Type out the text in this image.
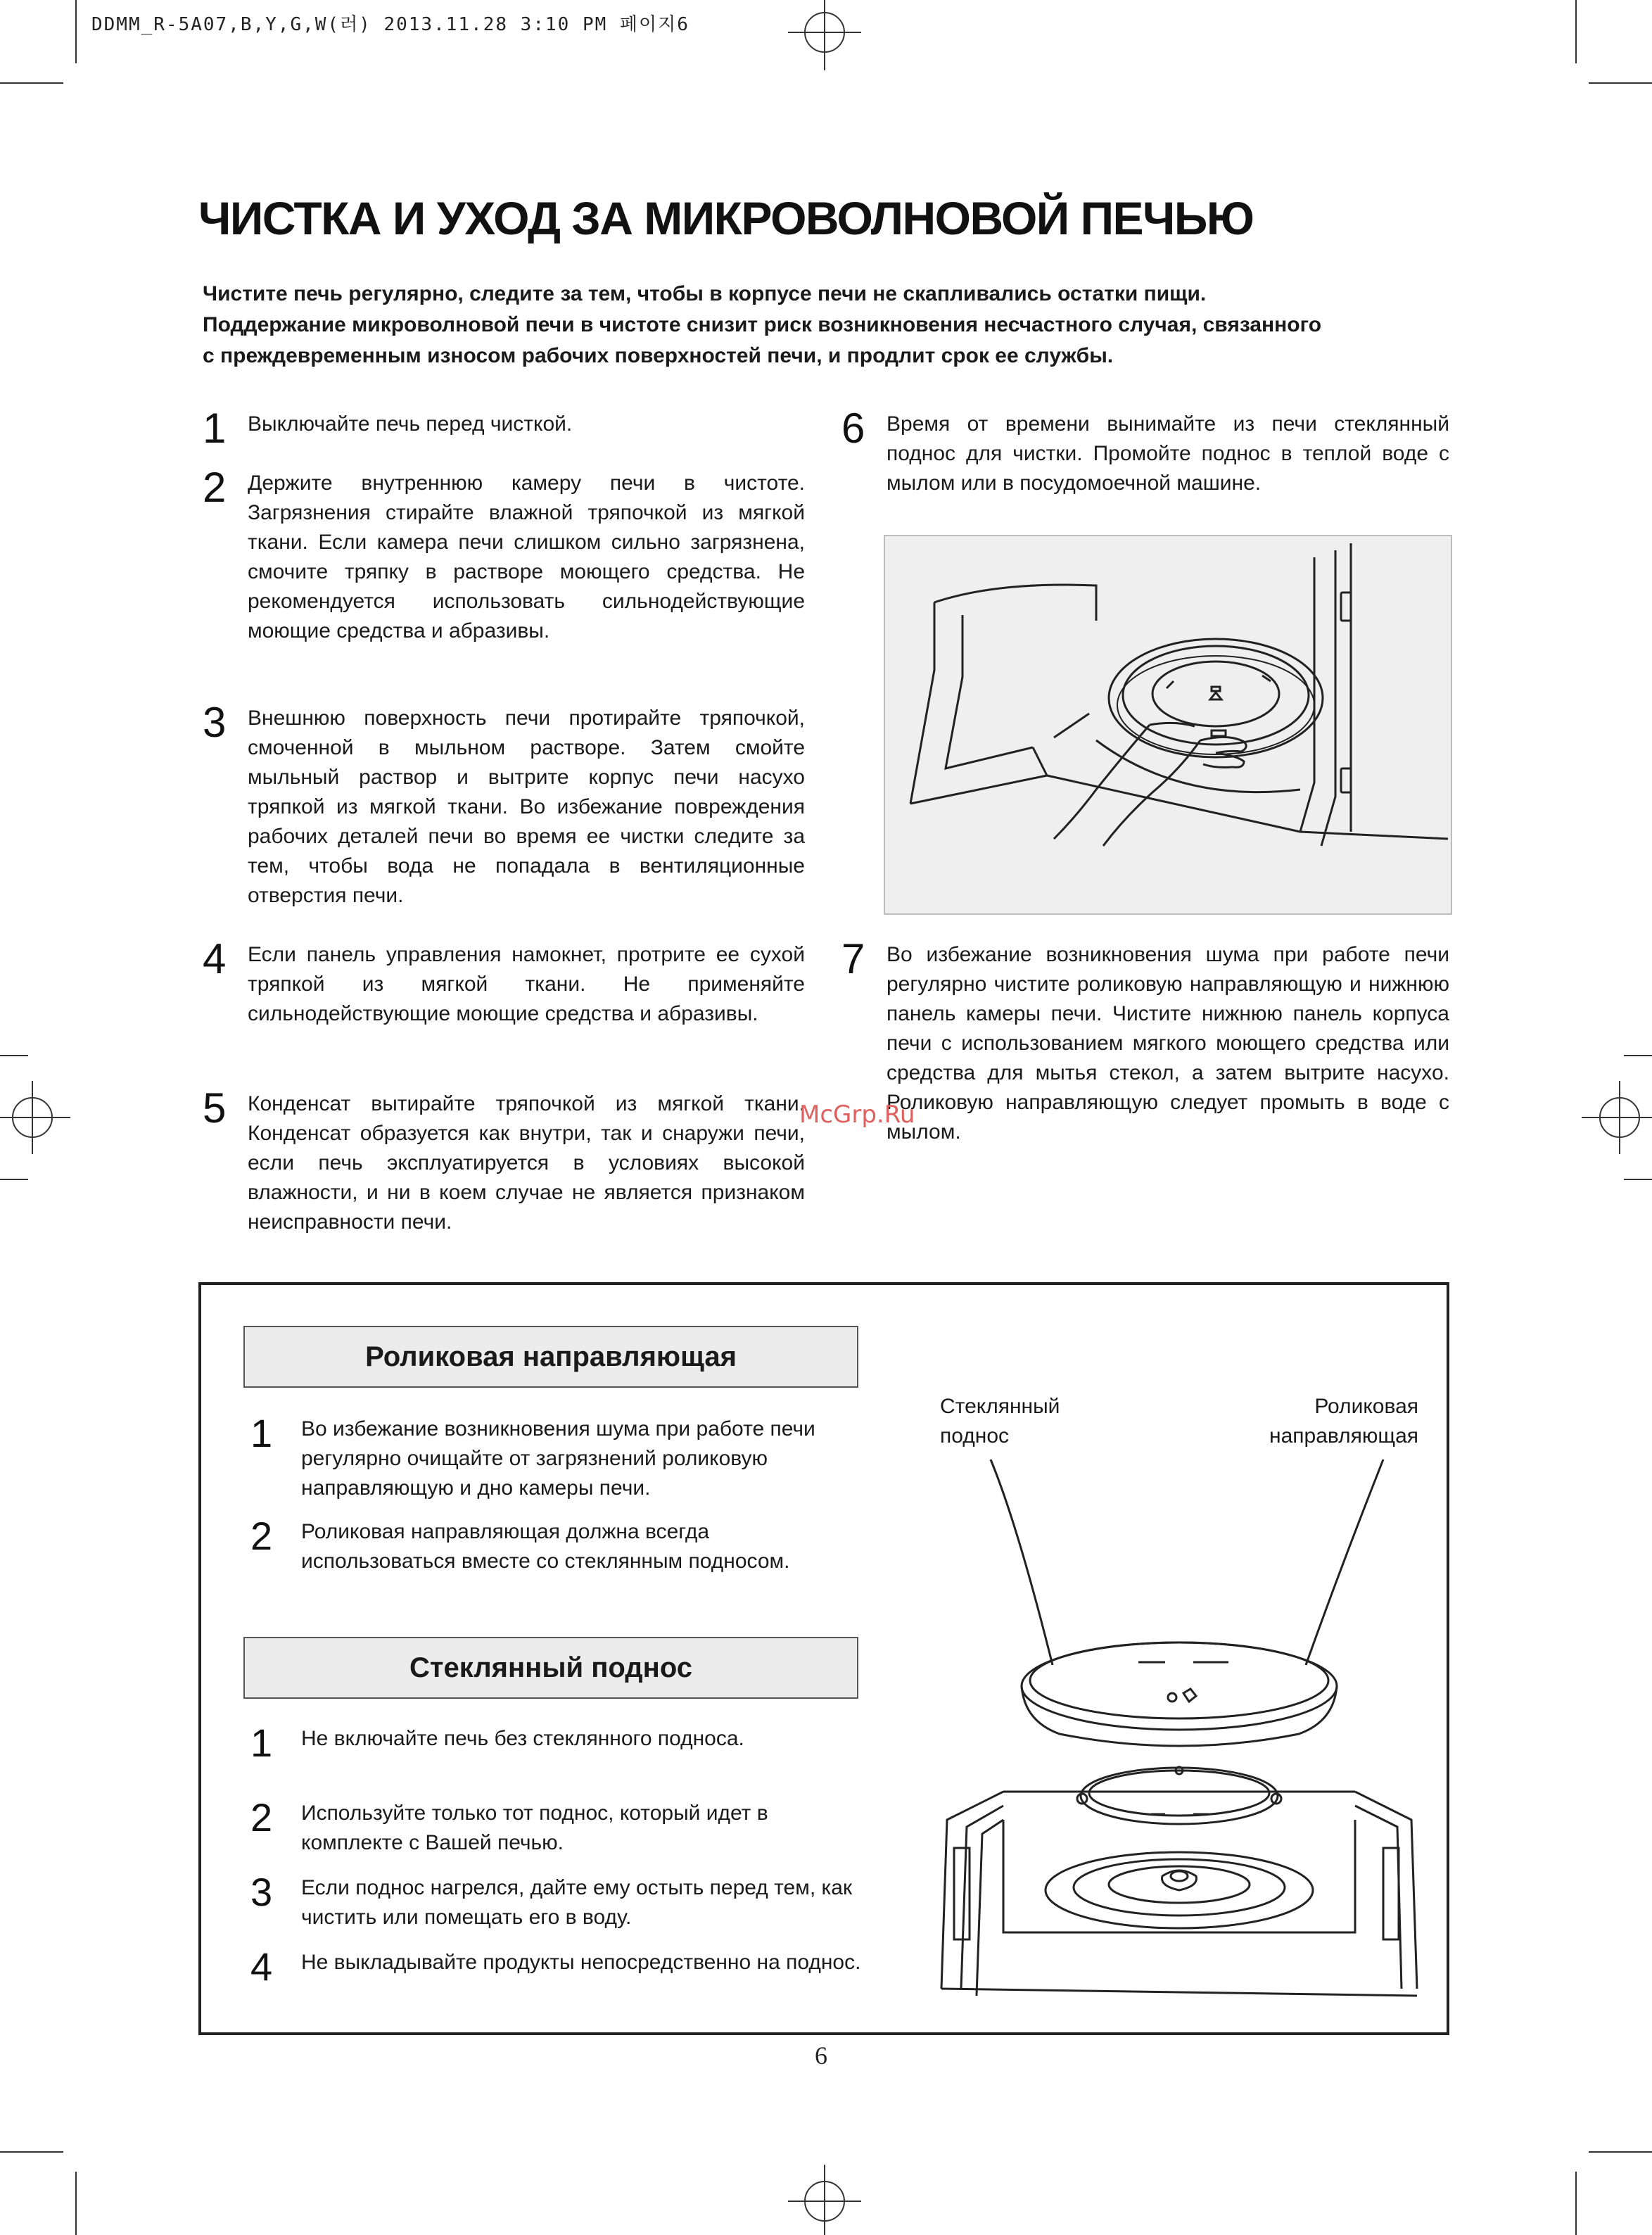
DDMM_R-5A07,B,Y,G,W(러) 2013.11.28 3:10 PM 페이지6
ЧИСТКА И УХОД ЗА МИКРОВОЛНОВОЙ ПЕЧЬЮ
Чистите печь регулярно, следите за тем, чтобы в корпусе печи не скапливались остатки пищи.
Поддержание микроволновой печи в чистоте снизит риск возникновения несчастного случая, связанного
с преждевременным износом рабочих поверхностей печи, и продлит срок ее службы.
1 Выключайте печь перед чисткой.
2 Держите внутреннюю камеру печи в чистоте. Загрязнения стирайте влажной тряпочкой из мягкой ткани. Если камера печи слишком сильно загрязнена, смочите тряпку в растворе моющего средства. Не рекомендуется использовать сильнодействующие моющие средства и абразивы.
3 Внешнюю поверхность печи протирайте тряпочкой, смоченной в мыльном растворе. Затем смойте мыльный раствор и вытрите корпус печи насухо тряпкой из мягкой ткани. Во избежание повреждения рабочих деталей печи во время ее чистки следите за тем, чтобы вода не попадала в вентиляционные отверстия печи.
4 Если панель управления намокнет, протрите ее сухой тряпкой из мягкой ткани. Не применяйте сильнодействующие моющие средства и абразивы.
5 Конденсат вытирайте тряпочкой из мягкой ткани. Конденсат образуется как внутри, так и снаружи печи, если печь эксплуатируется в условиях высокой влажности, и ни в коем случае не является признаком неисправности печи.
6 Время от времени вынимайте из печи стеклянный поднос для чистки. Промойте поднос в теплой воде с мылом или в посудомоечной машине.
7 Во избежание возникновения шума при работе печи регулярно чистите роликовую направляющую и нижнюю панель камеры печи. Чистите нижнюю панель корпуса печи с использованием мягкого моющего средства или средства для мытья стекол, а затем вытрите насухо. Роликовую направляющую следует промыть в воде с мылом.
McGrp.Ru
Роликовая направляющая
1 Во избежание возникновения шума при работе печи регулярно очищайте от загрязнений роликовую направляющую и дно камеры печи.
2 Роликовая направляющая должна всегда использоваться вместе со стеклянным подносом.
Стеклянный поднос
1 Не включайте печь без стеклянного подноса.
2 Используйте только тот поднос, который идет в комплекте с Вашей печью.
3 Если поднос нагрелся, дайте ему остыть перед тем, как чистить или помещать его в воду.
4 Не выкладывайте продукты непосредственно на поднос.
Стеклянный поднос
Роликовая направляющая
6
